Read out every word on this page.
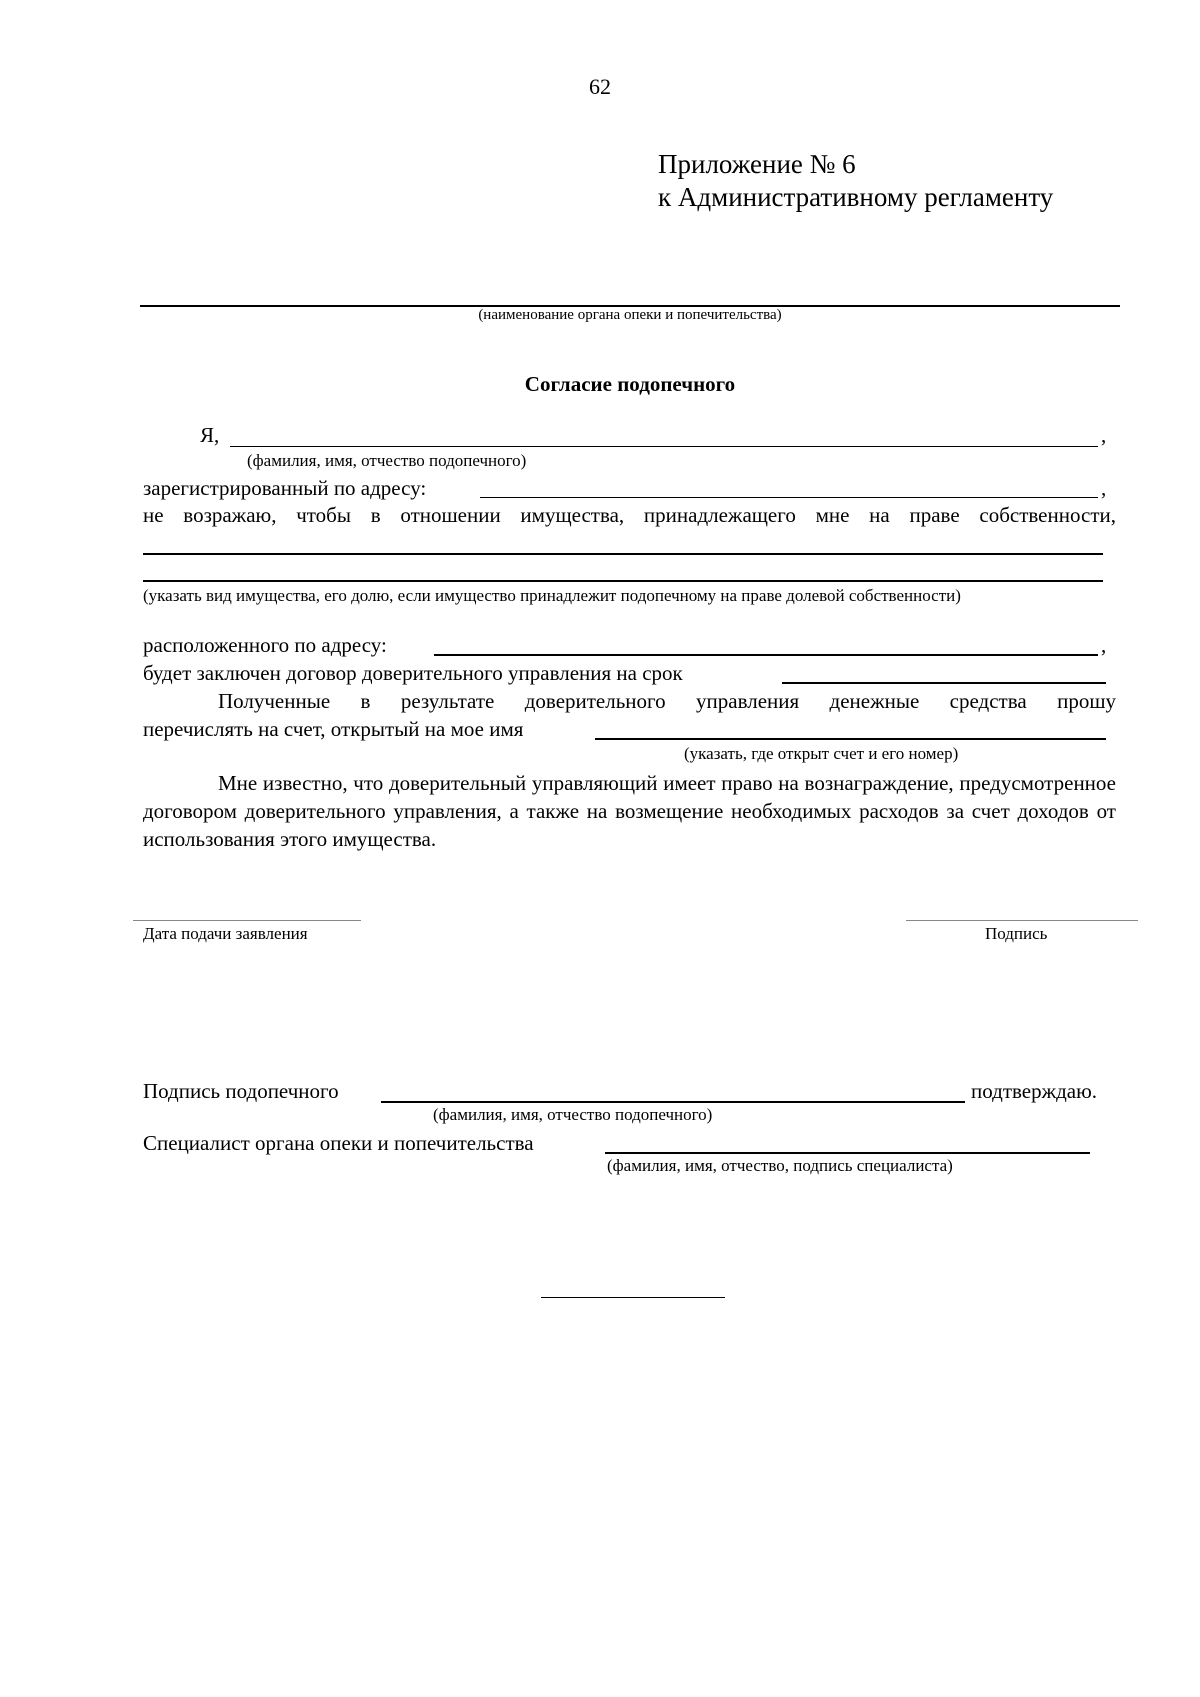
62
Приложение № 6
к Административному регламенту
(наименование органа опеки и попечительства)
Согласие подопечного
Я,	,
(фамилия, имя, отчество подопечного)
зарегистрированный по адресу:	,
не возражаю, чтобы в отношении имущества, принадлежащего мне на праве собственности,
(указать вид имущества, его долю, если имущество принадлежит подопечному на праве долевой собственности)
расположенного по адресу:	,
будет заключен договор доверительного управления на срок
Полученные в результате доверительного управления денежные средства прошу
перечислять на счет, открытый на мое имя
(указать, где открыт счет и его номер)
Мне известно, что доверительный управляющий имеет право на вознаграждение, предусмотренное договором доверительного управления, а также на возмещение необходимых расходов за счет доходов от использования этого имущества.
Дата подачи заявления	Подпись
Подпись подопечного	подтверждаю.
(фамилия, имя, отчество подопечного)
Специалист органа опеки и попечительства
(фамилия, имя, отчество, подпись специалиста)
